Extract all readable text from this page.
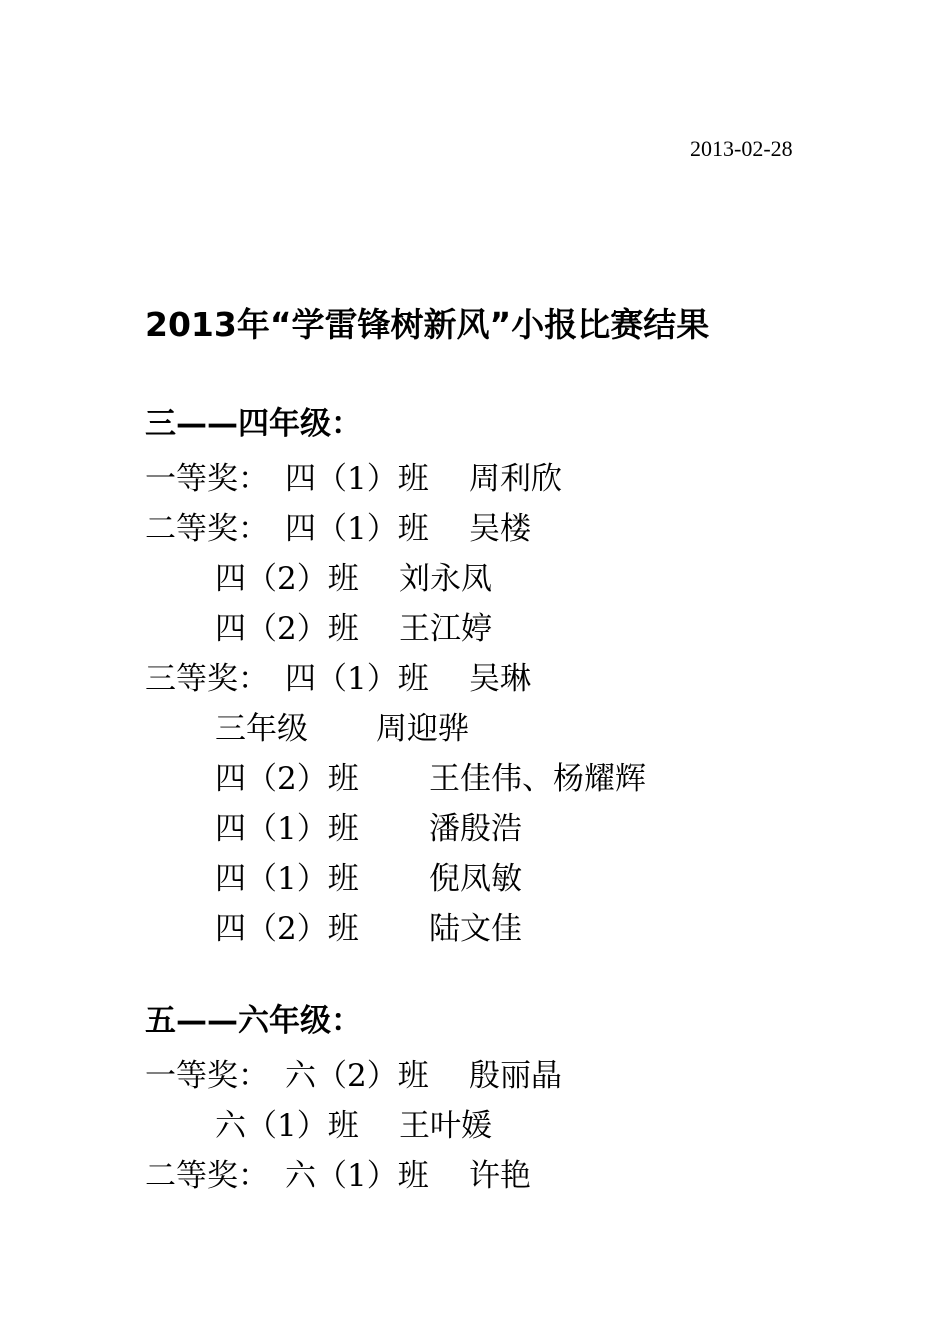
2013-02-28
2013年“学雷锋树新风”小报比赛结果
三——四年级：
一等奖： 四（1）班	周利欣
二等奖： 四（1）班	吴楼
四（2）班	刘永凤
四（2）班	王江婷
三等奖： 四（1）班	吴琳
三年级	周迎骅
四（2）班	王佳伟、杨耀辉
四（1）班	潘殷浩
四（1）班	倪凤敏
四（2）班	陆文佳
五——六年级：
一等奖： 六（2）班	殷丽晶
六（1）班	王叶媛
二等奖： 六（1）班	许艳
